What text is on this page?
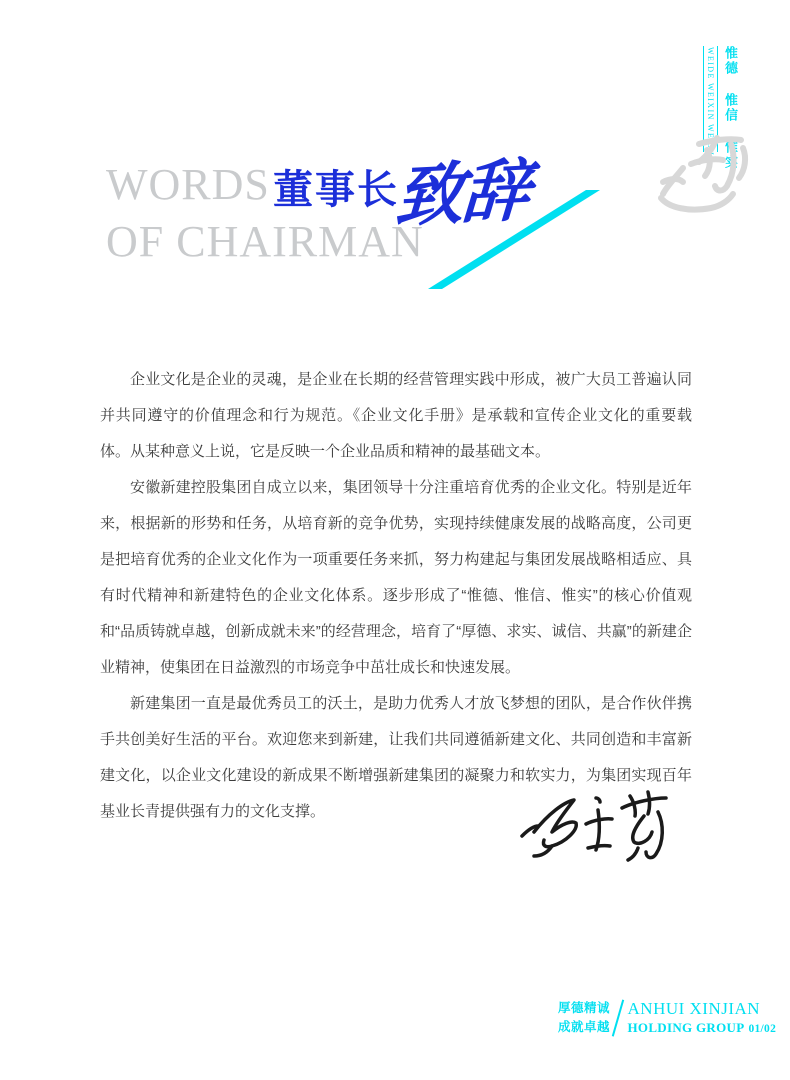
WEIDE WEIXIN WEISHI 惟德 惟信 惟实
WORDS
OF CHAIRMAN
董事长
致辞

企业文化是企业的灵魂，是企业在长期的经营管理实践中形成，被广大员工普遍认同并共同遵守的价值理念和行为规范。《企业文化手册》是承载和宣传企业文化的重要载体。从某种意义上说，它是反映一个企业品质和精神的最基础文本。

安徽新建控股集团自成立以来，集团领导十分注重培育优秀的企业文化。特别是近年来，根据新的形势和任务，从培育新的竞争优势，实现持续健康发展的战略高度，公司更是把培育优秀的企业文化作为一项重要任务来抓，努力构建起与集团发展战略相适应、具有时代精神和新建特色的企业文化体系。逐步形成了“惟德、惟信、惟实”的核心价值观和“品质铸就卓越，创新成就未来”的经营理念，培育了“厚德、求实、诚信、共赢”的新建企业精神，使集团在日益激烈的市场竞争中茁壮成长和快速发展。

新建集团一直是最优秀员工的沃土，是助力优秀人才放飞梦想的团队，是合作伙伴携手共创美好生活的平台。欢迎您来到新建，让我们共同遵循新建文化、共同创造和丰富新建文化，以企业文化建设的新成果不断增强新建集团的凝聚力和软实力，为集团实现百年基业长青提供强有力的文化支撑。

厚德精诚
成就卓越
ANHUI XINJIAN
HOLDING GROUP 01/02
